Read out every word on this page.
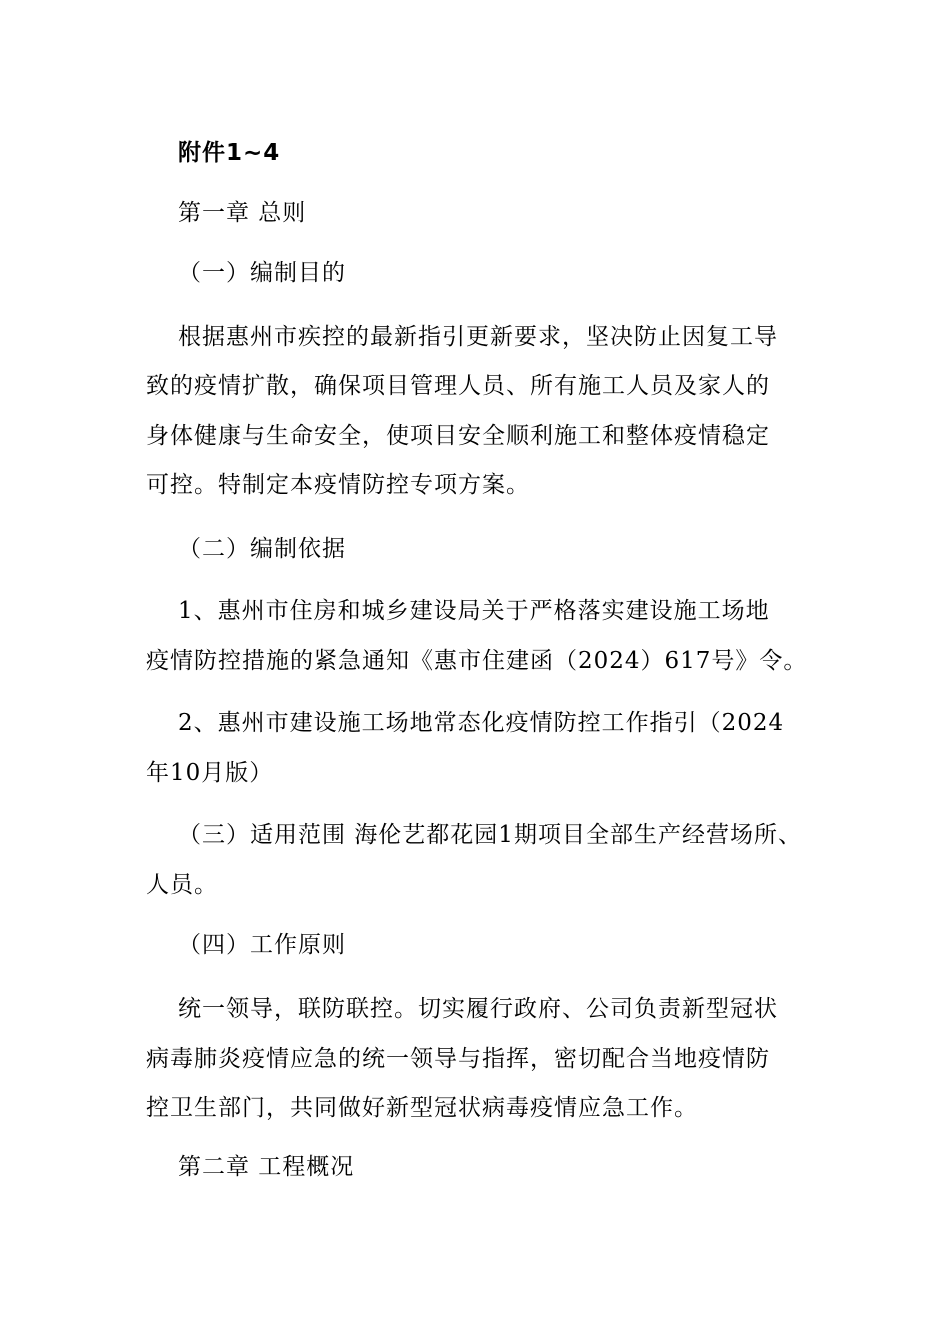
附件1~4
第一章 总则
（一）编制目的
根据惠州市疾控的最新指引更新要求，坚决防止因复工导
致的疫情扩散，确保项目管理人员、所有施工人员及家人的
身体健康与生命安全，使项目安全顺利施工和整体疫情稳定
可控。特制定本疫情防控专项方案。
（二）编制依据
1、惠州市住房和城乡建设局关于严格落实建设施工场地
疫情防控措施的紧急通知《惠市住建函（2024）617号》令。
2、惠州市建设施工场地常态化疫情防控工作指引（2024
年10月版）
（三）适用范围 海伦艺都花园1期项目全部生产经营场所、
人员。
（四）工作原则
统一领导，联防联控。切实履行政府、公司负责新型冠状
病毒肺炎疫情应急的统一领导与指挥，密切配合当地疫情防
控卫生部门，共同做好新型冠状病毒疫情应急工作。
第二章 工程概况
